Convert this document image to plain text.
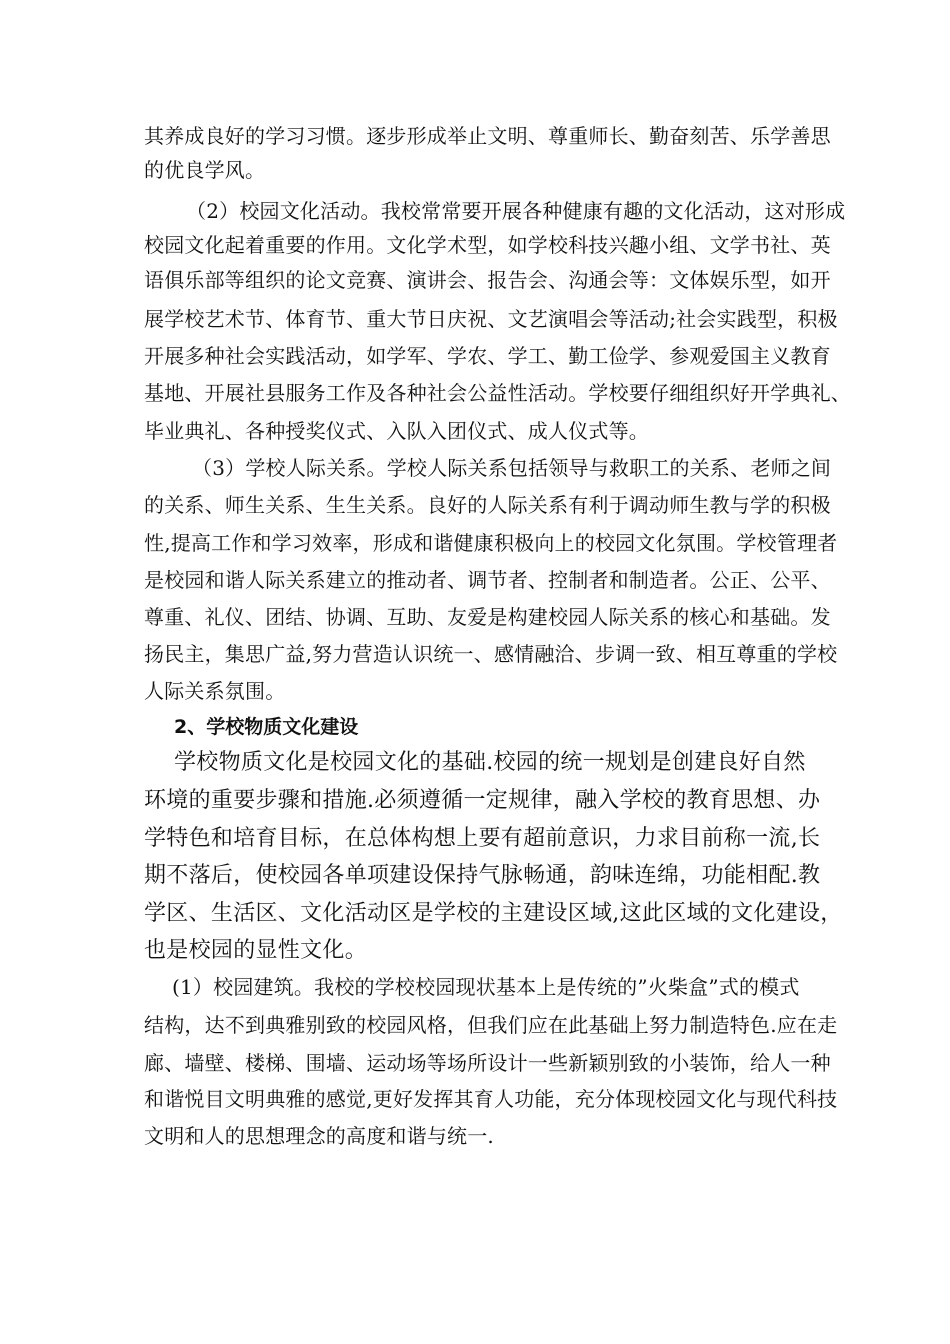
其养成良好的学习习惯。逐步形成举止文明、尊重师长、勤奋刻苦、乐学善思
的优良学风。
（2）校园文化活动。我校常常要开展各种健康有趣的文化活动，这对形成
校园文化起着重要的作用。文化学术型，如学校科技兴趣小组、文学书社、英
语俱乐部等组织的论文竞赛、演讲会、报告会、沟通会等：文体娱乐型，如开
展学校艺术节、体育节、重大节日庆祝、文艺演唱会等活动;社会实践型，积极
开展多种社会实践活动，如学军、学农、学工、勤工俭学、参观爱国主义教育
基地、开展社县服务工作及各种社会公益性活动。学校要仔细组织好开学典礼、
毕业典礼、各种授奖仪式、入队入团仪式、成人仪式等。
（3）学校人际关系。学校人际关系包括领导与救职工的关系、老师之间
的关系、师生关系、生生关系。良好的人际关系有利于调动师生教与学的积极
性,提高工作和学习效率，形成和谐健康积极向上的校园文化氛围。学校管理者
是校园和谐人际关系建立的推动者、调节者、控制者和制造者。公正、公平、
尊重、礼仪、团结、协调、互助、友爱是构建校园人际关系的核心和基础。发
扬民主，集思广益,努力营造认识统一、感情融洽、步调一致、相互尊重的学校
人际关系氛围。
2、学校物质文化建设
学校物质文化是校园文化的基础.校园的统一规划是创建良好自然
环境的重要步骤和措施.必须遵循一定规律，融入学校的教育思想、办
学特色和培育目标，在总体构想上要有超前意识，力求目前称一流,长
期不落后，使校园各单项建设保持气脉畅通，韵味连绵，功能相配.教
学区、生活区、文化活动区是学校的主建设区域,这此区域的文化建设，
也是校园的显性文化。
(1）校园建筑。我校的学校校园现状基本上是传统的”火柴盒”式的模式
结构，达不到典雅别致的校园风格，但我们应在此基础上努力制造特色.应在走
廊、墙壁、楼梯、围墙、运动场等场所设计一些新颖别致的小装饰，给人一种
和谐悦目文明典雅的感觉,更好发挥其育人功能，充分体现校园文化与现代科技
文明和人的思想理念的高度和谐与统一.
